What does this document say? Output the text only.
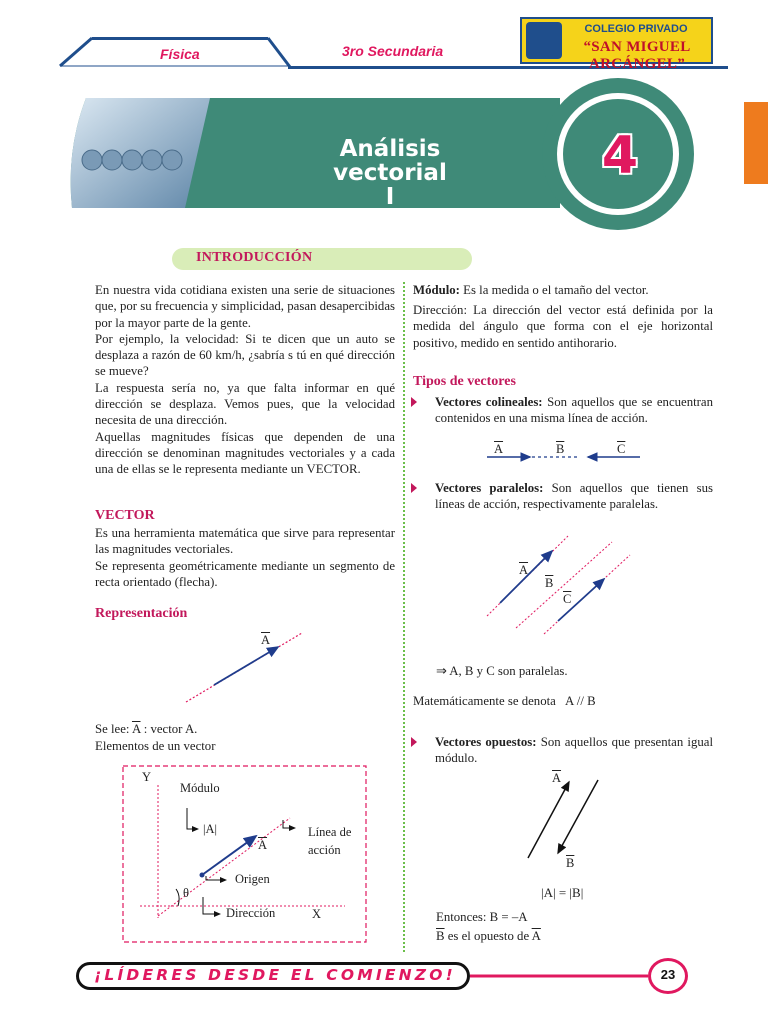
Física	3ro Secundaria
COLEGIO PRIVADO
“SAN MIGUEL ARCÁNGEL”
Análisis vectorial
I
4
INTRODUCCIÓN
En nuestra vida cotidiana existen una serie de situaciones que, por su frecuencia y simplicidad, pasan desapercibidas por la mayor parte de la gente.
Por ejemplo, la velocidad: Si te dicen que un auto se desplaza a razón de 60 km/h, ¿sabría s tú en qué dirección se mueve?
La respuesta sería no, ya que falta informar en qué dirección se desplaza. Vemos pues, que la velocidad necesita de una dirección.
Aquellas magnitudes físicas que dependen de una dirección se denominan magnitudes vectoriales y a cada una de ellas se le representa mediante un VECTOR.
VECTOR
Es una herramienta matemática que sirve para representar las magnitudes vectoriales.
Se representa geométricamente mediante un segmento de recta orientado (flecha).
Representación
$\overline{A}$
Se lee: $\overline{A}$ : vector A.
Elementos de un vector
Y
X
Módulo
|A|
$\overline{A}$
Línea de
acción
Origen
θ
Dirección
Módulo: Es la medida o el tamaño del vector.
Dirección: La dirección del vector está definida por la medida del ángulo que forma con el eje horizontal positivo, medido en sentido antihorario.
Tipos de vectores
Vectores colineales: Son aquellos que se encuentran contenidos en una misma línea de acción.
$\overline{A}$	$\overline{B}$	$\overline{C}$
Vectores paralelos: Son aquellos que tienen sus líneas de acción, respectivamente paralelas.
$\overline{A}$
$\overline{B}$
$\overline{C}$
⇒ A, B y C son paralelas.
Matemáticamente se denota A // B
Vectores opuestos: Son aquellos que presentan igual módulo.
$\overline{A}$
$\overline{B}$
|A| = |B|
Entonces: B = –A
$\overline{B}$ es el opuesto de $\overline{A}$
¡LÍDERES DESDE EL COMIENZO!	23
